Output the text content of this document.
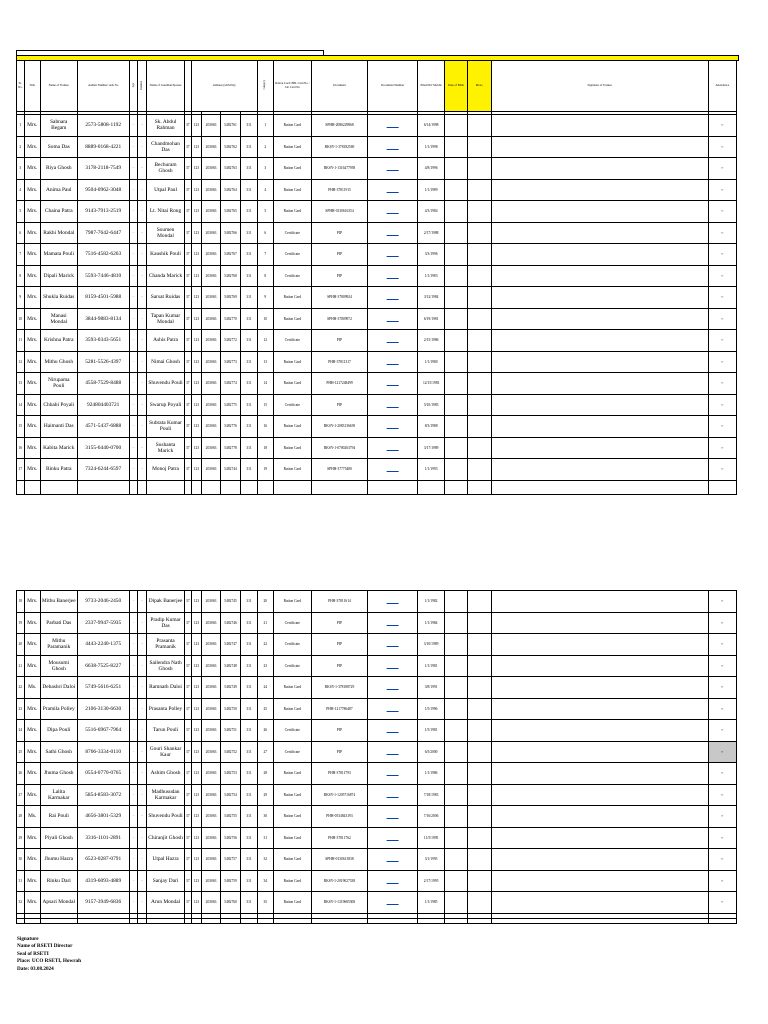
Sl. No.	Title	Name of Trainee	Aadhar Number/ Ack No	Age	Relation	Name of Guardian/Spouse		Address (with Pin)				Category	Ration Card/ BPL Card No / Job Card No	Document	Document Number	Email ID/ Mobile	Date of Birth	Photo	Signature of Trainee	Attendance

1	Mrs.	Sabnara Begam	2573-5808-1192	··	··	Sk. Abdul Rahman	37	123	203063	5482761	311	1	Ration Card	SPHH-2086229868		6/14/1998				••
2	Mrs.	Soma Das	8889-0168-4221	··	··	Chandmohan Das	37	123	203063	5482762	311	2	Ration Card	RKSY-1-378182569		1/1/1998				••
3	Mrs.	Riya Ghosh	3178-2118-7549	··	··	Bechuram Ghosh	37	123	203063	5482763	311	3	Ration Card	RKSY-1-1316477958		4/8/1996				••
4	Mrs.	Anima Paul	9504-0962-3048	··	··	Utpal Paul	37	123	203063	5482764	311	4	Ration Card	PHH-37811915		1/1/1989				••
5	Mrs.	Chaina Patra	9143-7913-2519	··	··	Lt. Nitai Rong	37	123	203063	5482765	311	5	Ration Card	SPHH-0130616354		4/3/1984				••
6	Mrs.	Rakhi Mondal	7987-7642-6447	··	··	Soumen Mondal	37	123	203063	5482766	311	6	Certificate	PIP		2/17/1988				••
7	Mrs.	Mamata Pouli	7516-4582-6263	··	··	Kaushik Pouli	37	123	203063	5482767	311	7	Certificate	PIP		3/3/1996				••
8	Mrs.	Dipali Marick	5593-7446-4810	··	··	Chanda Marick	37	123	203063	5482768	311	8	Certificate	PIP		1/1/1983				••
9	Mrs.	Shukla Ruidas	8159-4501-5988	··	··	Sarsat Ruidas	37	123	203063	5482769	311	9	Ration Card	SPHH-37809924		3/12/1984				••
10	Mrs.	Manasi Mondal	3844-9883-8134	··	··	Tapan Kumar Mondal	37	123	203063	5482770	311	10	Ration Card	SPHH-37809972		6/19/1981				••
11	Mrs.	Krishna Patra	3593-0343-5651	··	··	Ashis Patra	37	123	203063	5482772	311	12	Certificate	PIP		2/15/1986				••
12	Mrs.	Mithu Ghosh	5281-5526-4397	··	··	Nimai Ghosh	37	123	203063	5482773	311	13	Ration Card	PHH-37811317		1/1/1980				••
13	Mrs.	Nirupama Pouli	4558-7529-8488	··	··	Shuvendu Pouli	37	123	203063	5482774	311	14	Ration Card	PHH-1217248499		12/15/1983				••
14	Mrs.	Chhabi Poyali	924804403721	··	··	Swarup Poyali	37	123	203063	5482775	311	15	Certificate	PIP		5/10/1983				••
15	Mrs.	Haimanti Das	4571-5437-6888	··	··	Subrata Kumar Pouli	37	123	203063	5482776	311	16	Ration Card	RKSY-1-2083136639		8/3/1988				••
16	Mrs.	Kabita Marick	3155-6440-0700	··	··	Sushanta Marick	37	123	203063	5482778	311	18	Ration Card	RKSY-1-0700263794		3/17/1989				••
17	Mrs.	Rinku Patra	7324-6244-6597	··	··	Monoj Patra	37	123	203063	5482744	311	19	Ration Card	SPHH-37775480		1/1/1993				••

18	Mrs.	Mithu Banerjee	9733-2046-2450	··	··	Dipak Banerjee	37	123	203063	5482745	311	20	Ration Card	PHH-37811614		1/1/1982				••
19	Mrs.	Parbati Das	2337-9947-5935	··	··	Pradip Kumar Das	37	123	203063	5482746	311	21	Certificate	PIP		1/1/1984				••
20	Mrs.	Mithu Paramanik	4443-2240-1375	··	··	Prasanta Pramanik	37	123	203063	5482747	311	22	Certificate	PIP		3/10/1989				••
21	Mrs.	Mousumi Ghosh	6638-7525-8227	··	··	Sailendra Nath Ghosh	37	123	203063	5482748	311	23	Certificate	PIP		1/1/1981				••
22	Ms.	Debashri Daloi	5749-5616-6251	··	··	Ramnath Daloi	37	123	203063	5482749	311	24	Ration Card	RKSY-1-378188729		3/8/1991				••
23	Mrs.	Pramila Polley	2106-3130-6630	··	··	Prasanta Polley	37	123	203063	5482750	311	25	Ration Card	PHH-1217786487		1/5/1996				••
24	Mrs.	Dipa Pouli	5516-6967-7964	··	··	Tarun Pouli	37	123	203063	5482751	311	26	Certificate	PIP		1/5/1981				••
25	Mrs.	Sathi Ghosh	8706-3334-0110	··	··	Gouri Shankar Kaur	37	123	203063	5482752	311	27	Certificate	PIP		6/5/2000				••
26	Mrs.	Jhuma Ghosh	0554-0770-0765	··	··	Ashim Ghosh	37	123	203063	5482753	311	28	Ration Card	PHH-37811793		1/1/1986				••
27	Mrs.	Lalita Karmakar	5854-8583-3072	··	··	Madhusudan Karmakar	37	123	203063	5482754	311	29	Ration Card	RKSY-1-1205716874		7/18/1983				••
28	Ms.	Rai Pouli	4656-3801-5329	··	··	Shuvendu Pouli	37	123	203063	5482755	311	30	Ration Card	PHH-0534843193		7/16/2006				••
29	Mrs.	Piyali Ghosh	3316-1101-2891	··	··	Chiranjit Ghosh	37	123	203063	5482756	311	31	Ration Card	PHH-37811762		11/5/1995				••
30	Mrs.	Jhumu Hazra	6523-0287-0791	··	··	Utpal Hazra	37	123	203063	5482757	311	32	Ration Card	SPHH-0130613838		3/1/1993				••
31	Mrs.	Rinku Dari	4319-6093-4889	··	··	Sanjay Dari	37	123	203063	5482759	311	34	Ration Card	RKSY-1-2019027338		2/17/1995				••
32	Mrs.	Apsari Mondal	9157-3949-6836	··	··	Arun Mondal	37	123	203063	5482760	311	35	Ration Card	RKSY-1-1319685308		1/1/1985				••

Signature
Name of RSETI Director
Seal of RSETI
Place: UCO RSETI, Howrah
Date: 03.08.2024
